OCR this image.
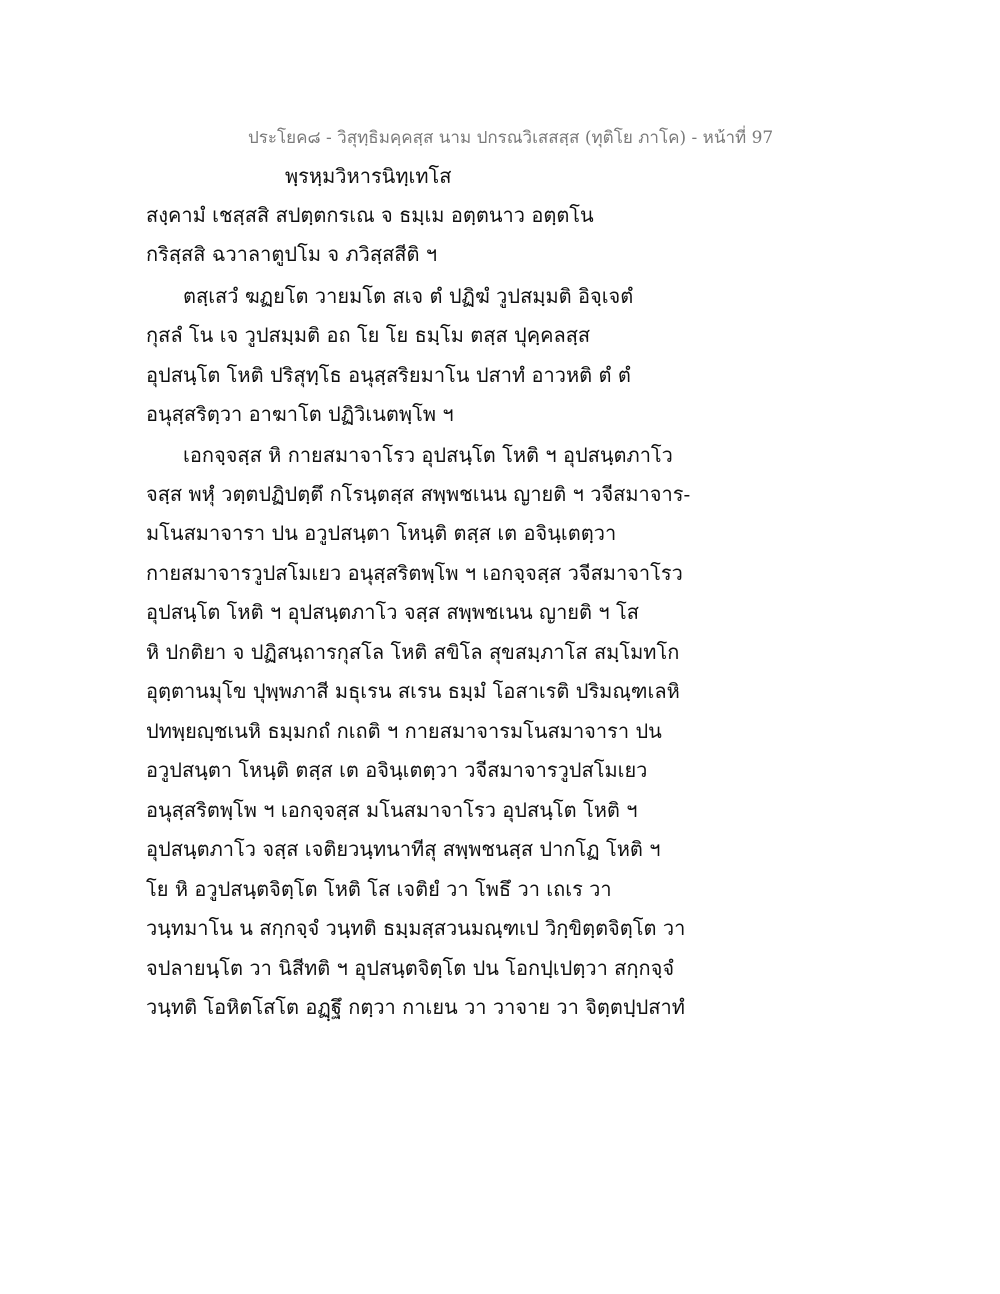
ประโยค๘ - วิสุทฺธิมคฺคสฺส นาม ปกรณวิเสสสฺส (ทุติโย ภาโค) - หน้าที่ 97
พฺรหฺมวิหารนิทฺเทโส
สงฺคามํ เชสฺสสิ สปตฺตกรเณ จ ธมฺเม อตฺตนาว อตฺตโน
กริสฺสสิ ฉวาลาตูปโม จ ภวิสฺสสีติ ฯ
ตสฺเสวํ ฆฏยโต วายมโต สเจ ตํ ปฏิฆํ วูปสมฺมติ อิจฺเจตํ
กุสลํ โน เจ วูปสมฺมติ อถ โย โย ธมฺโม ตสฺส ปุคฺคลสฺส
อุปสนฺโต โหติ ปริสุทฺโธ อนุสฺสริยมาโน ปสาทํ อาวหติ ตํ ตํ
อนุสฺสริตฺวา อาฆาโต ปฏิวิเนตพฺโพ ฯ
เอกจฺจสฺส หิ กายสมาจาโรว อุปสนฺโต โหติ ฯ อุปสนฺตภาโว
จสฺส พหุํ วตฺตปฏิปตฺตึ กโรนฺตสฺส สพฺพชเนน ญายติ ฯ วจีสมาจาร-
มโนสมาจารา ปน อวูปสนฺตา โหนฺติ ตสฺส เต อจินฺเตตฺวา
กายสมาจารวูปสโมเยว อนุสฺสริตพฺโพ ฯ เอกจฺจสฺส วจีสมาจาโรว
อุปสนฺโต โหติ ฯ อุปสนฺตภาโว จสฺส สพฺพชเนน ญายติ ฯ โส
หิ ปกติยา จ ปฏิสนฺถารกุสโล โหติ สขิโล สุขสมฺภาโส สมฺโมทโก
อุตฺตานมุโข ปุพฺพภาสี มธุเรน สเรน ธมฺมํ โอสาเรติ ปริมณฺฑเลหิ
ปทพฺยญฺชเนหิ ธมฺมกถํ กเถติ ฯ กายสมาจารมโนสมาจารา ปน
อวูปสนฺตา โหนฺติ ตสฺส เต อจินฺเตตฺวา วจีสมาจารวูปสโมเยว
อนุสฺสริตพฺโพ ฯ เอกจฺจสฺส มโนสมาจาโรว อุปสนฺโต โหติ ฯ
อุปสนฺตภาโว จสฺส เจติยวนฺทนาทีสุ สพฺพชนสฺส ปากโฏ โหติ ฯ
โย หิ อวูปสนฺตจิตฺโต โหติ โส เจติยํ วา โพธึ วา เถเร วา
วนฺทมาโน น สกฺกจฺจํ วนฺทติ ธมฺมสฺสวนมณฺฑเป วิกฺขิตฺตจิตฺโต วา
จปลายนฺโต วา นิสีทติ ฯ อุปสนฺตจิตฺโต ปน โอกปฺเปตฺวา สกฺกจฺจํ
วนฺทติ โอหิตโสโต อฏฺฐึ กตฺวา กาเยน วา วาจาย วา จิตฺตปฺปสาทํ
